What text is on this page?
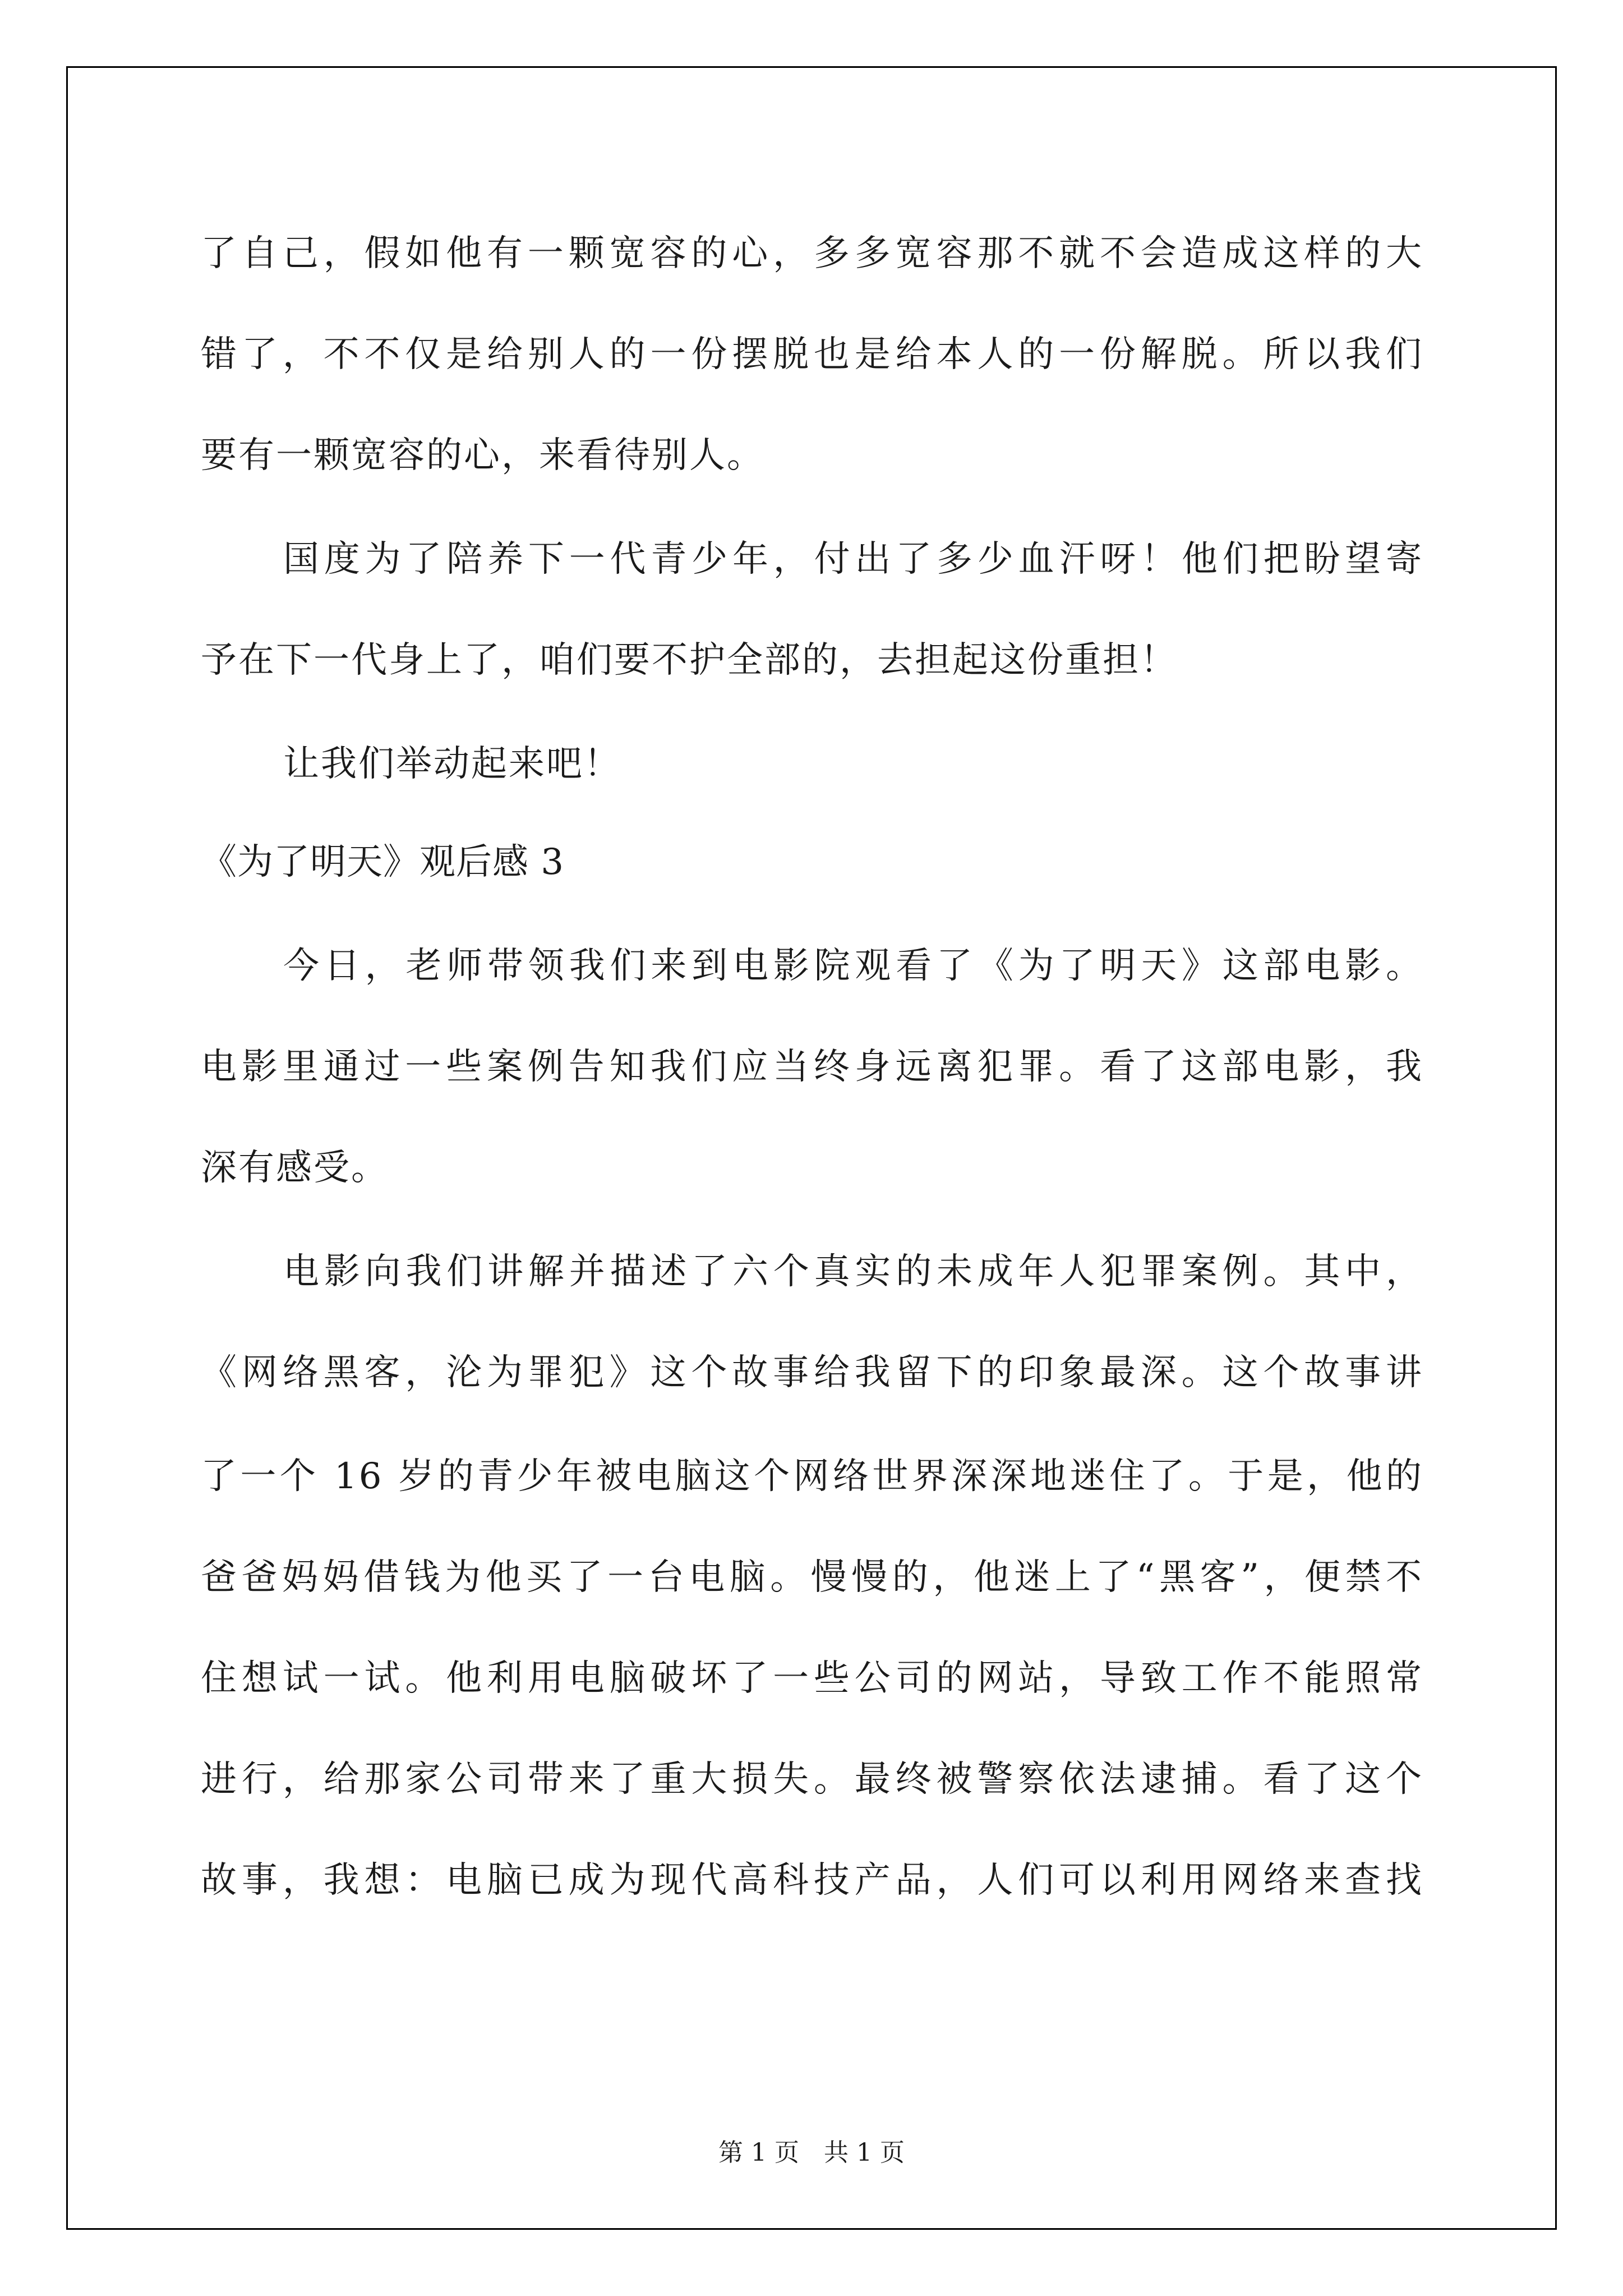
了自己，假如他有一颗宽容的心，多多宽容那不就不会造成这样的大
错了，不不仅是给别人的一份摆脱也是给本人的一份解脱。所以我们
要有一颗宽容的心，来看待别人。
国度为了陪养下一代青少年，付出了多少血汗呀！他们把盼望寄
予在下一代身上了，咱们要不护全部的，去担起这份重担！
让我们举动起来吧！
《为了明天》观后感 3
今日，老师带领我们来到电影院观看了《为了明天》这部电影。
电影里通过一些案例告知我们应当终身远离犯罪。看了这部电影，我
深有感受。
电影向我们讲解并描述了六个真实的未成年人犯罪案例。其中，
《网络黑客，沦为罪犯》这个故事给我留下的印象最深。这个故事讲
了一个 16 岁的青少年被电脑这个网络世界深深地迷住了。于是，他的
爸爸妈妈借钱为他买了一台电脑。慢慢的，他迷上了“黑客”，便禁不
住想试一试。他利用电脑破坏了一些公司的网站，导致工作不能照常
进行，给那家公司带来了重大损失。最终被警察依法逮捕。看了这个
故事，我想：电脑已成为现代高科技产品，人们可以利用网络来查找
第 1 页　共 1 页
